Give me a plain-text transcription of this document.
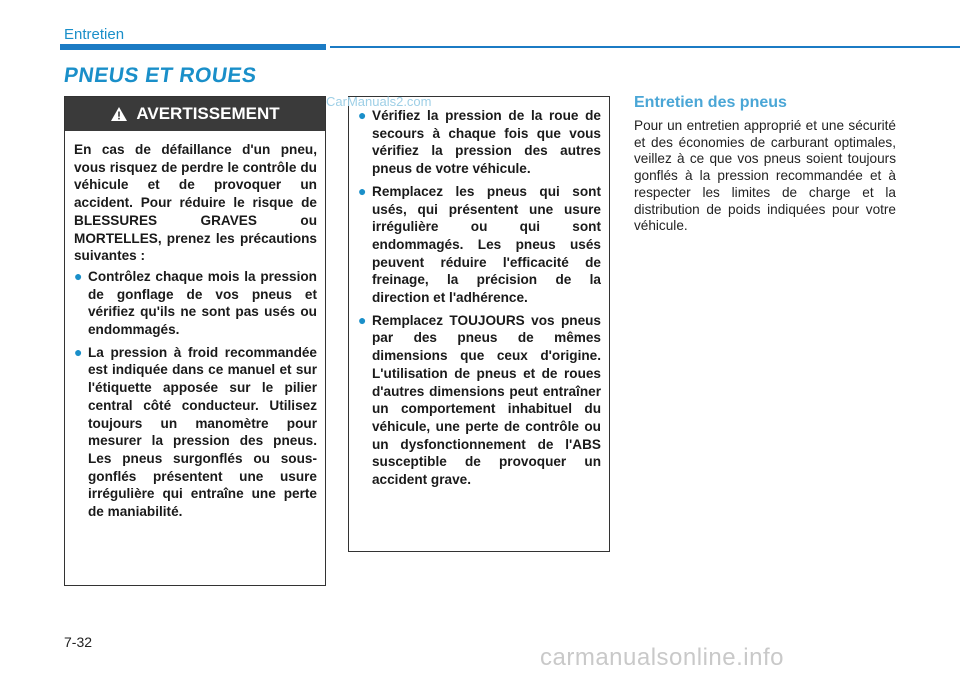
Entretien
PNEUS ET ROUES
AVERTISSEMENT

En cas de défaillance d'un pneu, vous risquez de perdre le contrôle du véhicule et de provoquer un accident. Pour réduire le risque de BLESSURES GRAVES ou MORTELLES, prenez les précautions suivantes :

● Contrôlez chaque mois la pression de gonflage de vos pneus et vérifiez qu'ils ne sont pas usés ou endommagés.
● La pression à froid recommandée est indiquée dans ce manuel et sur l'étiquette apposée sur le pilier central côté conducteur. Utilisez toujours un manomètre pour mesurer la pression des pneus. Les pneus surgonflés ou sous-gonflés présentent une usure irrégulière qui entraîne une perte de maniabilité.
● Vérifiez la pression de la roue de secours à chaque fois que vous vérifiez la pression des autres pneus de votre véhicule.
● Remplacez les pneus qui sont usés, qui présentent une usure irrégulière ou qui sont endommagés. Les pneus usés peuvent réduire l'efficacité de freinage, la précision de la direction et l'adhérence.
● Remplacez TOUJOURS vos pneus par des pneus de mêmes dimensions que ceux d'origine. L'utilisation de pneus et de roues d'autres dimensions peut entraîner un comportement inhabituel du véhicule, une perte de contrôle ou un dysfonctionnement de l'ABS susceptible de provoquer un accident grave.
CarManuals2.com	Entretien des pneus
Pour un entretien approprié et une sécurité et des économies de carburant optimales, veillez à ce que vos pneus soient toujours gonflés à la pression recommandée et à respecter les limites de charge et la distribution de poids indiquées pour votre véhicule.
7-32
carmanualsonline.info
